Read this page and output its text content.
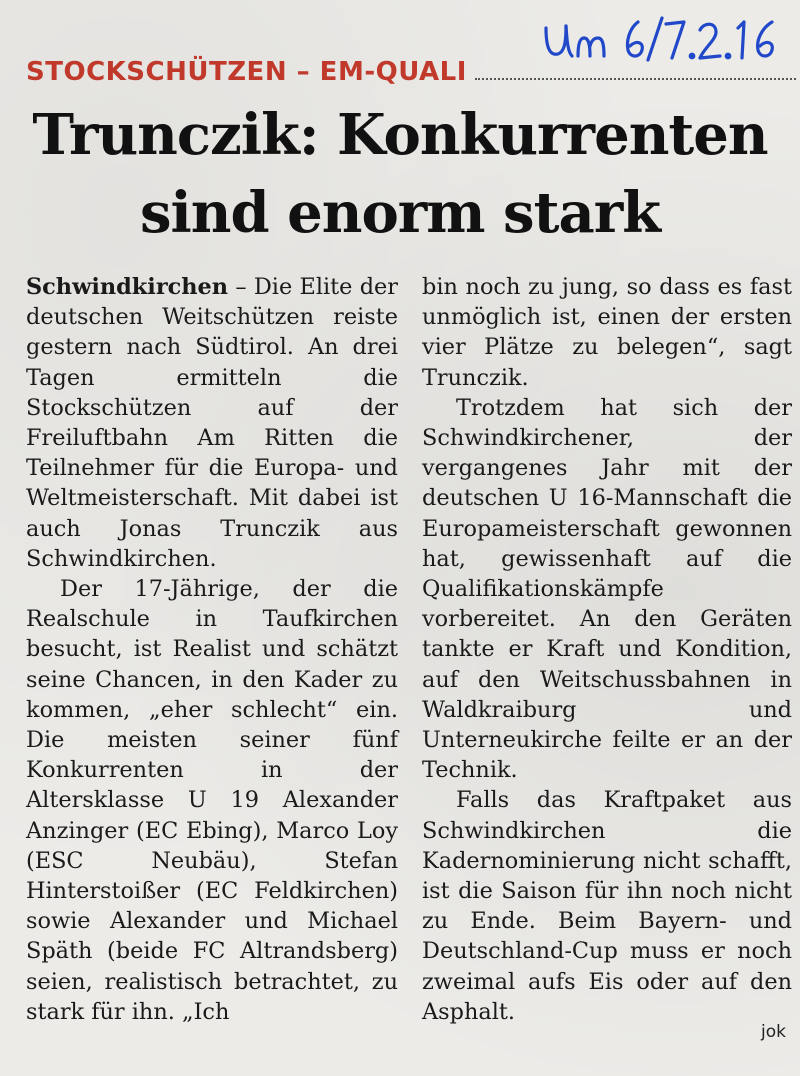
STOCKSCHÜTZEN – EM-QUALI
Trunczik: Konkurrenten
sind enorm stark

Schwindkirchen – Die Elite der deutschen Weitschützen reiste gestern nach Südtirol. An drei Tagen ermitteln die Stockschützen auf der Freiluftbahn Am Ritten die Teilnehmer für die Europa- und Weltmeisterschaft. Mit dabei ist auch Jonas Trunczik aus Schwindkirchen.

Der 17-Jährige, der die Realschule in Taufkirchen besucht, ist Realist und schätzt seine Chancen, in den Kader zu kommen, „eher schlecht“ ein. Die meisten seiner fünf Konkurrenten in der Altersklasse U 19 Alexander Anzinger (EC Ebing), Marco Loy (ESC Neubäu), Stefan Hinterstoißer (EC Feldkirchen) sowie Alexander und Michael Späth (beide FC Altrandsberg) seien, realistisch betrachtet, zu stark für ihn. „Ich

bin noch zu jung, so dass es fast unmöglich ist, einen der ersten vier Plätze zu belegen“, sagt Trunczik.

Trotzdem hat sich der Schwindkirchener, der vergangenes Jahr mit der deutschen U 16-Mannschaft die Europameisterschaft gewonnen hat, gewissenhaft auf die Qualifikationskämpfe vorbereitet. An den Geräten tankte er Kraft und Kondition, auf den Weitschussbahnen in Waldkraiburg und Unterneukirche feilte er an der Technik.

Falls das Kraftpaket aus Schwindkirchen die Kadernominierung nicht schafft, ist die Saison für ihn noch nicht zu Ende. Beim Bayern- und Deutschland-Cup muss er noch zweimal aufs Eis oder auf den Asphalt.

jok
